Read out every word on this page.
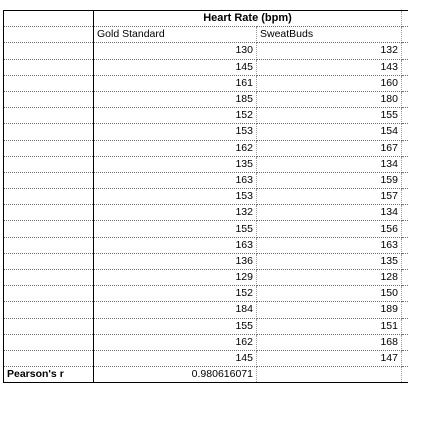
	Heart Rate (bpm)		
	Gold Standard	SweatBuds	
	130	132	
	145	143	
	161	160	
	185	180	
	152	155	
	153	154	
	162	167	
	135	134	
	163	159	
	153	157	
	132	134	
	155	156	
	163	163	
	136	135	
	129	128	
	152	150	
	184	189	
	155	151	
	162	168	
	145	147	
Pearson's r	0.980616071		
